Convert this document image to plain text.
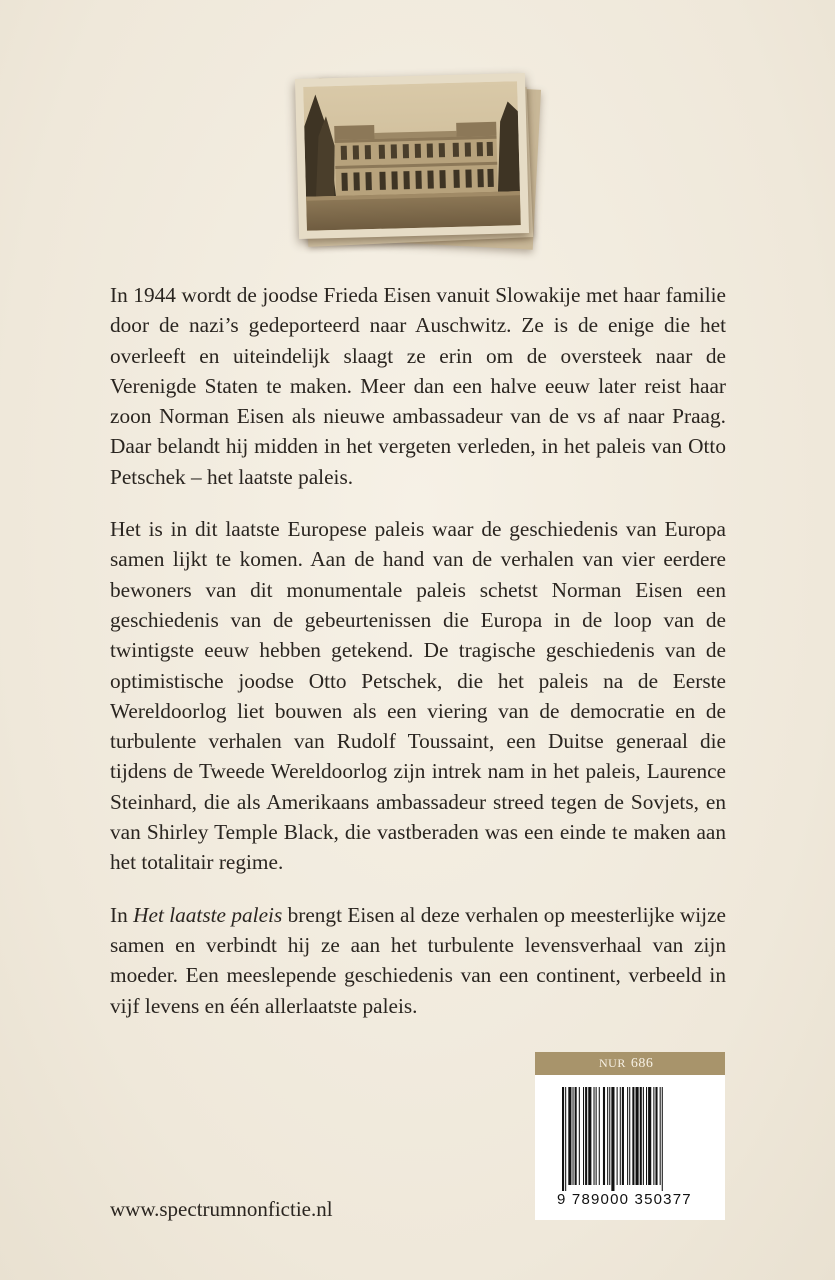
In 1944 wordt de joodse Frieda Eisen vanuit Slowakije met haar familie door de nazi’s gedeporteerd naar Auschwitz. Ze is de enige die het overleeft en uiteindelijk slaagt ze erin om de oversteek naar de Verenigde Staten te maken. Meer dan een halve eeuw later reist haar zoon Norman Eisen als nieuwe ambassadeur van de vs af naar Praag. Daar belandt hij midden in het vergeten verleden, in het paleis van Otto Petschek – het laatste paleis.

Het is in dit laatste Europese paleis waar de geschiedenis van Europa samen lijkt te komen. Aan de hand van de verhalen van vier eerdere bewoners van dit monumentale paleis schetst Norman Eisen een geschiedenis van de gebeurtenissen die Europa in de loop van de twintigste eeuw hebben getekend. De tragische geschiedenis van de optimistische joodse Otto Petschek, die het paleis na de Eerste Wereldoorlog liet bouwen als een viering van de democratie en de turbulente verhalen van Rudolf Toussaint, een Duitse generaal die tijdens de Tweede Wereldoorlog zijn intrek nam in het paleis, Laurence Steinhard, die als Amerikaans ambassadeur streed tegen de Sovjets, en van Shirley Temple Black, die vastberaden was een einde te maken aan het totalitair regime.

In Het laatste paleis brengt Eisen al deze verhalen op meesterlijke wijze samen en verbindt hij ze aan het turbulente levensverhaal van zijn moeder. Een meeslepende geschiedenis van een continent, verbeeld in vijf levens en één allerlaatste paleis.

NUR 686
9 789000 350377
www.spectrumnonfictie.nl
